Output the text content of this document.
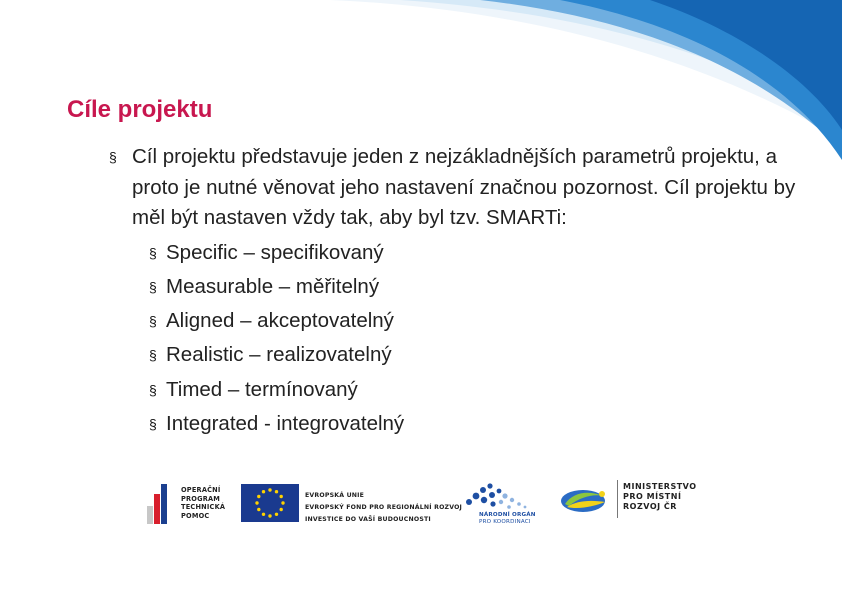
Cíle projektu
§ Cíl projektu představuje jeden z nejzákladnějších parametrů projektu, a proto je nutné věnovat jeho nastavení značnou pozornost. Cíl projektu by měl být nastaven vždy tak, aby byl tzv. SMARTi:
§ Specific – specifikovaný
§ Measurable – měřitelný
§ Aligned – akceptovatelný
§ Realistic – realizovatelný
§ Timed – termínovaný
§ Integrated - integrovatelný
OPERAČNÍ
PROGRAM
TECHNICKÁ
POMOC
EVROPSKÁ UNIE
EVROPSKÝ FOND PRO REGIONÁLNÍ ROZVOJ
INVESTICE DO VAŠÍ BUDOUCNOSTI
NÁRODNÍ ORGÁN
PRO KOORDINACI
MINISTERSTVO
PRO MÍSTNÍ
ROZVOJ ČR
